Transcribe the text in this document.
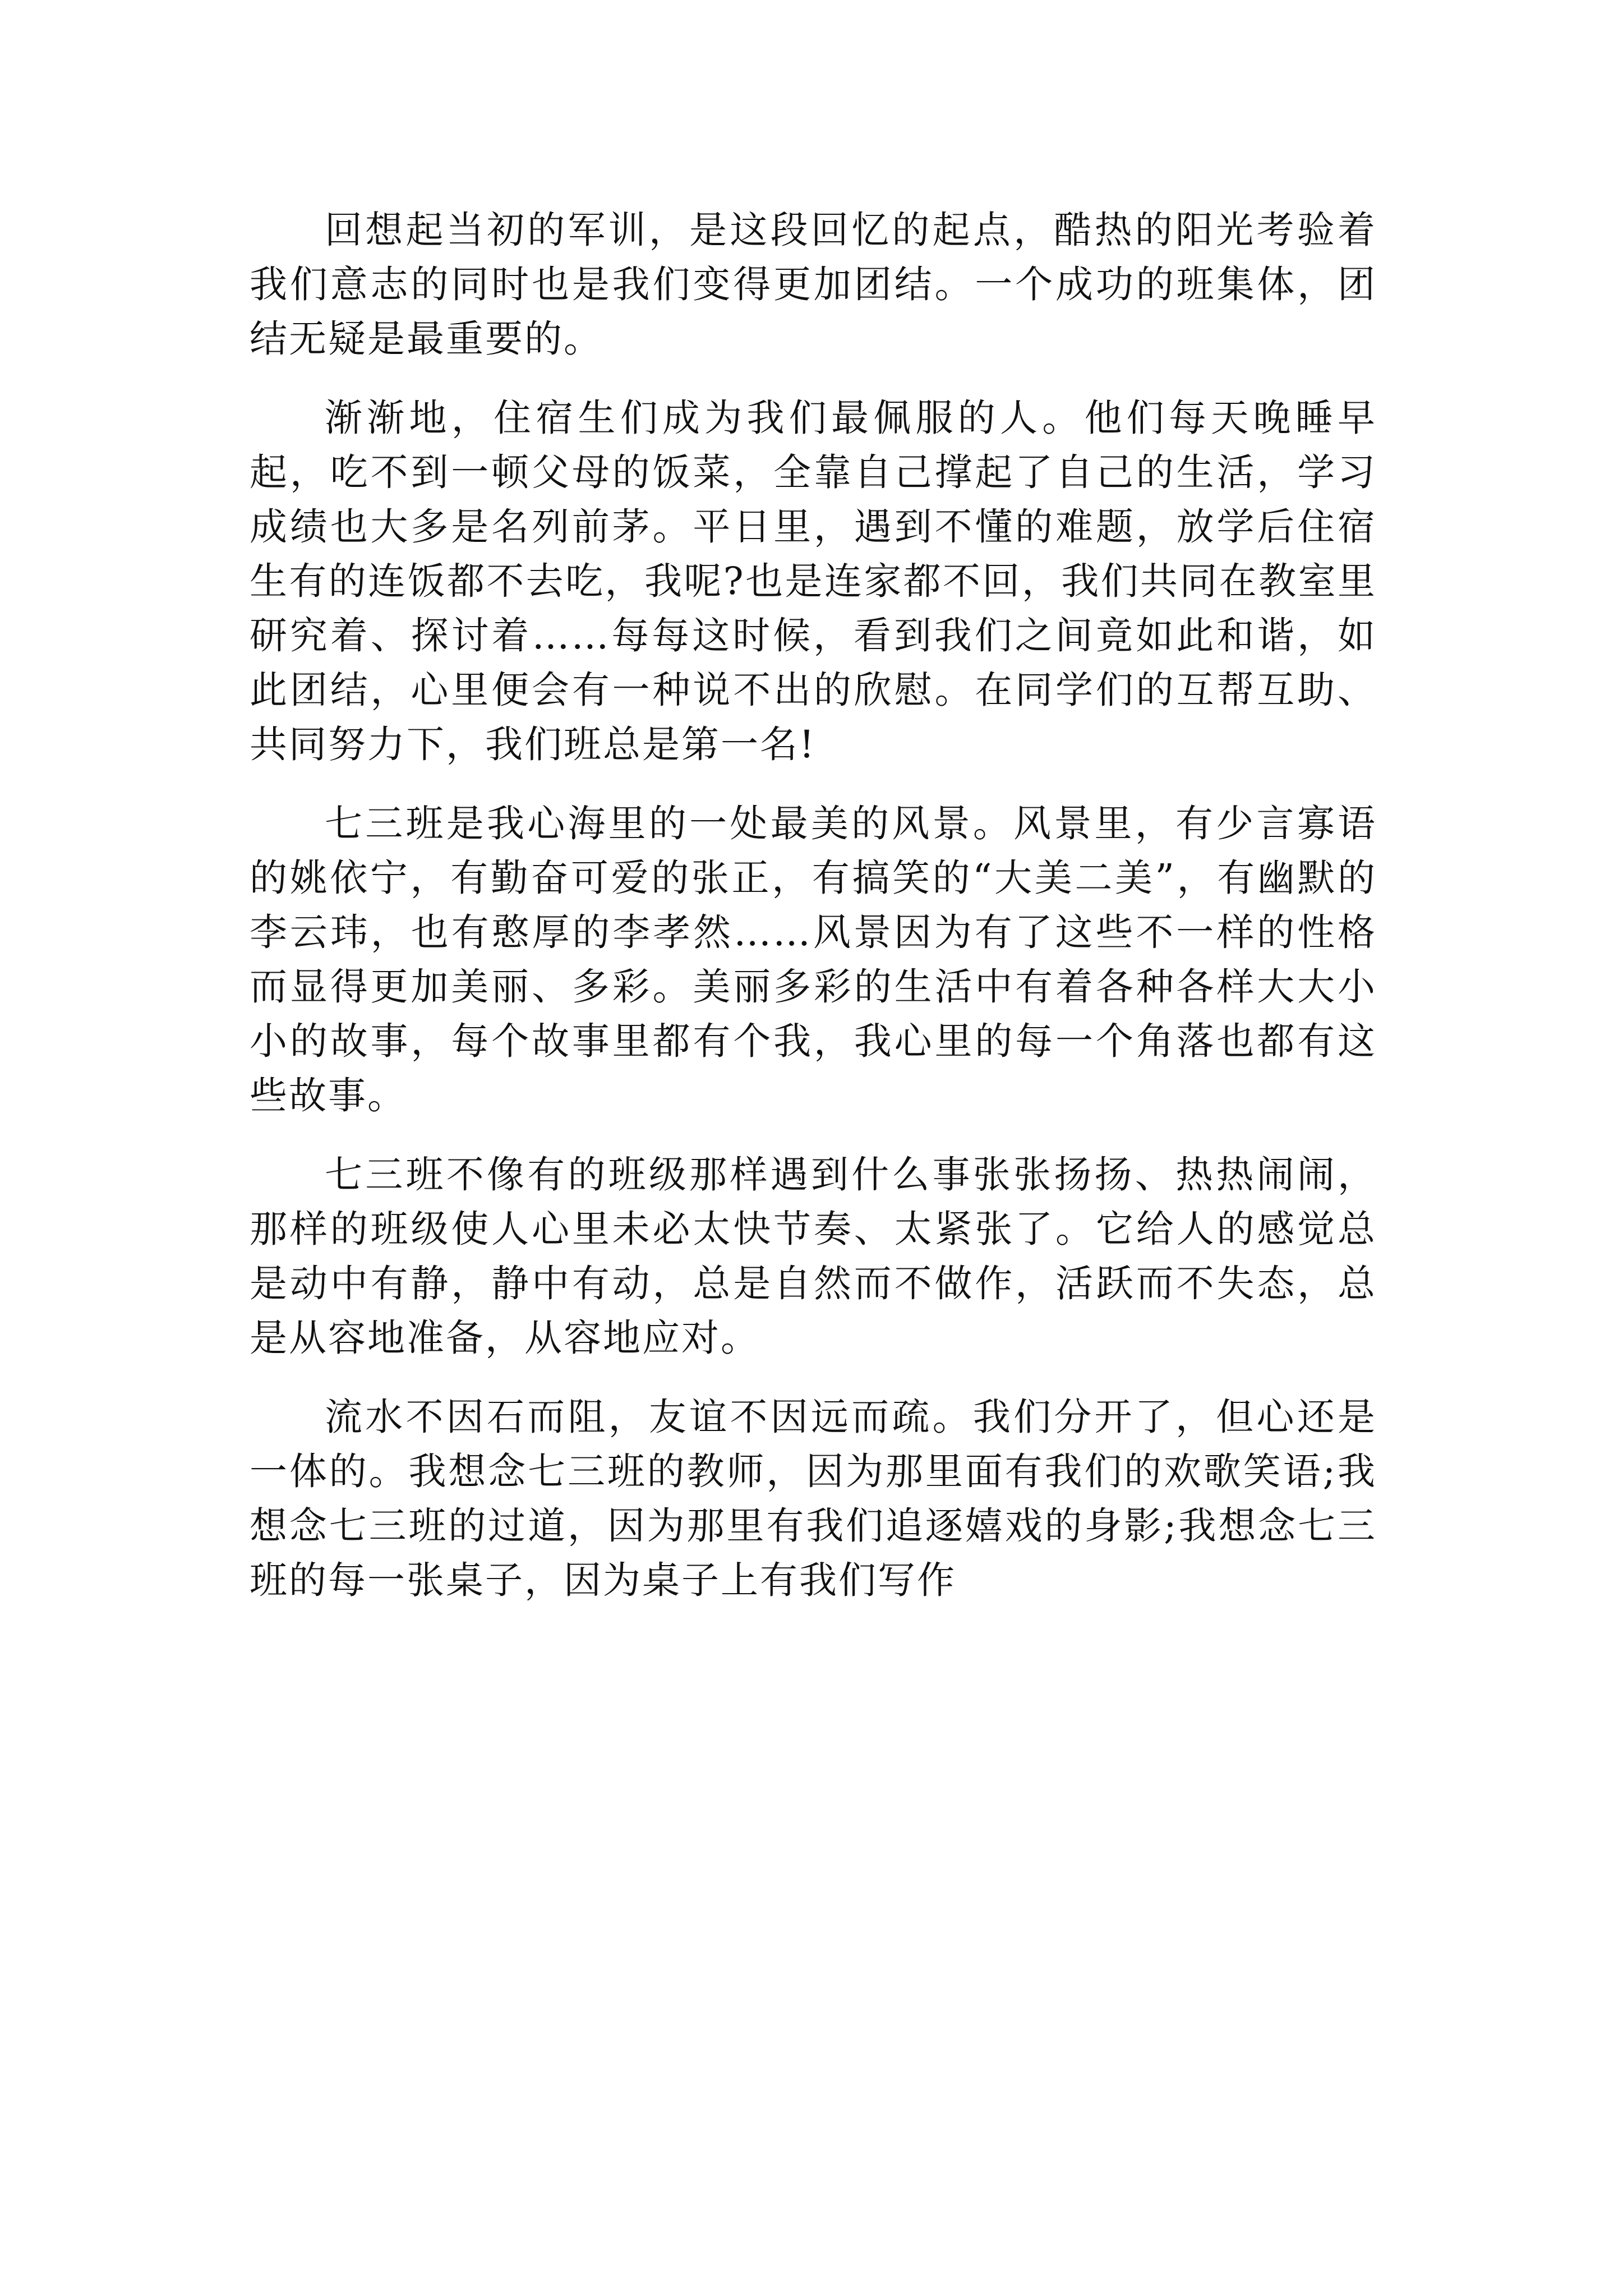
回想起当初的军训，是这段回忆的起点，酷热的阳光考验着我们意志的同时也是我们变得更加团结。一个成功的班集体，团结无疑是最重要的。

渐渐地，住宿生们成为我们最佩服的人。他们每天晚睡早起，吃不到一顿父母的饭菜，全靠自己撑起了自己的生活，学习成绩也大多是名列前茅。平日里，遇到不懂的难题，放学后住宿生有的连饭都不去吃，我呢?也是连家都不回，我们共同在教室里研究着、探讨着……每每这时候，看到我们之间竟如此和谐，如此团结，心里便会有一种说不出的欣慰。在同学们的互帮互助、共同努力下，我们班总是第一名!

七三班是我心海里的一处最美的风景。风景里，有少言寡语的姚依宁，有勤奋可爱的张正，有搞笑的“大美二美”，有幽默的李云玮，也有憨厚的李孝然……风景因为有了这些不一样的性格而显得更加美丽、多彩。美丽多彩的生活中有着各种各样大大小小的故事，每个故事里都有个我，我心里的每一个角落也都有这些故事。

七三班不像有的班级那样遇到什么事张张扬扬、热热闹闹，那样的班级使人心里未必太快节奏、太紧张了。它给人的感觉总是动中有静，静中有动，总是自然而不做作，活跃而不失态，总是从容地准备，从容地应对。

流水不因石而阻，友谊不因远而疏。我们分开了，但心还是一体的。我想念七三班的教师，因为那里面有我们的欢歌笑语;我想念七三班的过道，因为那里有我们追逐嬉戏的身影;我想念七三班的每一张桌子，因为桌子上有我们写作
